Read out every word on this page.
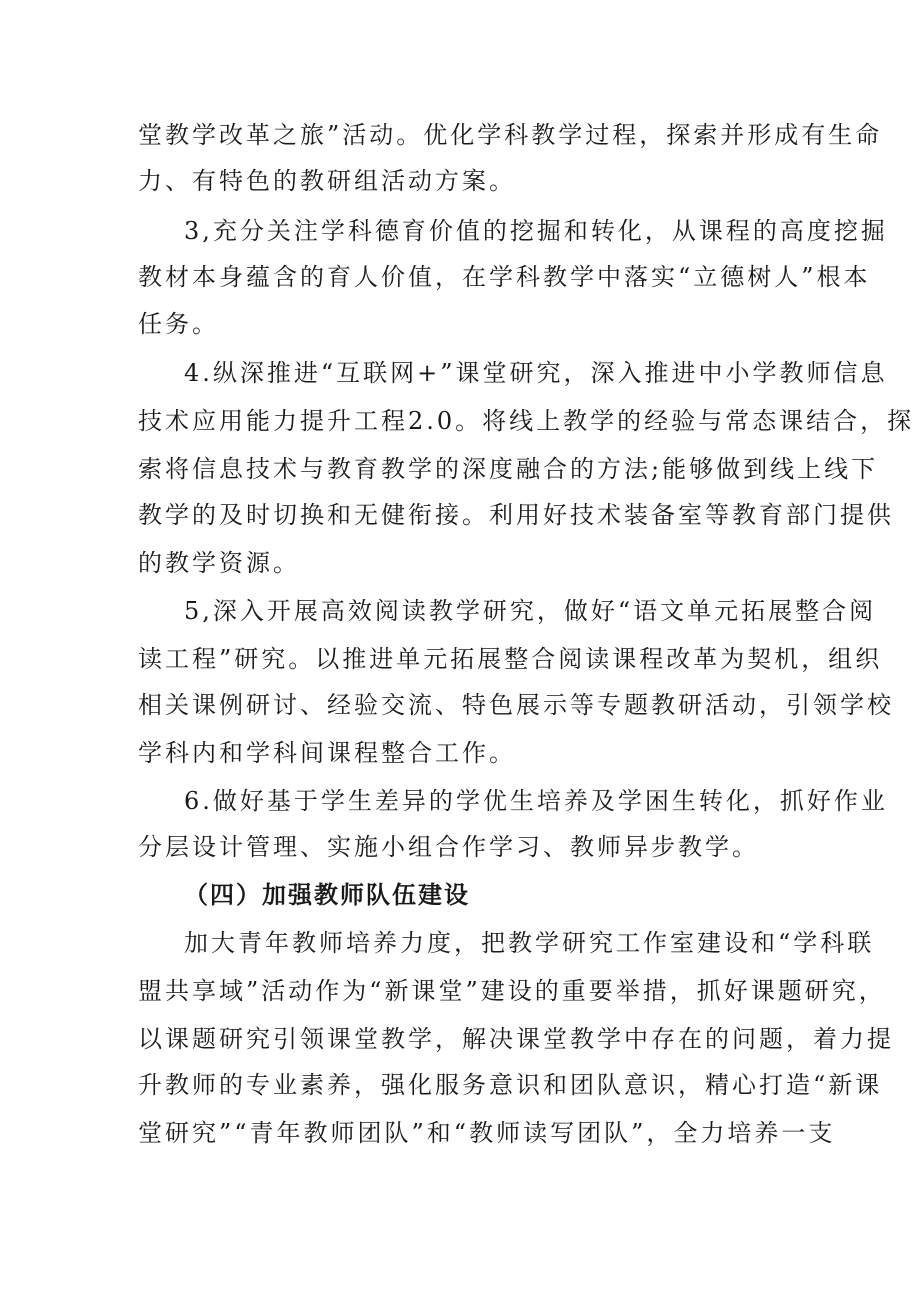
堂教学改革之旅”活动。优化学科教学过程，探索并形成有生命
力、有特色的教研组活动方案。
3,充分关注学科德育价值的挖掘和转化，从课程的高度挖掘
教材本身蕴含的育人价值，在学科教学中落实“立德树人”根本
任务。
4.纵深推进“互联网+”课堂研究，深入推进中小学教师信息
技术应用能力提升工程2.0。将线上教学的经验与常态课结合，探
索将信息技术与教育教学的深度融合的方法;能够做到线上线下
教学的及时切换和无健衔接。利用好技术装备室等教育部门提供
的教学资源。
5,深入开展高效阅读教学研究，做好“语文单元拓展整合阅
读工程”研究。以推进单元拓展整合阅读课程改革为契机，组织
相关课例研讨、经验交流、特色展示等专题教研活动，引领学校
学科内和学科间课程整合工作。
6.做好基于学生差异的学优生培养及学困生转化，抓好作业
分层设计管理、实施小组合作学习、教师异步教学。
（四）加强教师队伍建设
加大青年教师培养力度，把教学研究工作室建设和“学科联
盟共享域”活动作为“新课堂”建设的重要举措，抓好课题研究，
以课题研究引领课堂教学，解决课堂教学中存在的问题，着力提
升教师的专业素养，强化服务意识和团队意识，精心打造“新课
堂研究”“青年教师团队”和“教师读写团队”，全力培养一支
